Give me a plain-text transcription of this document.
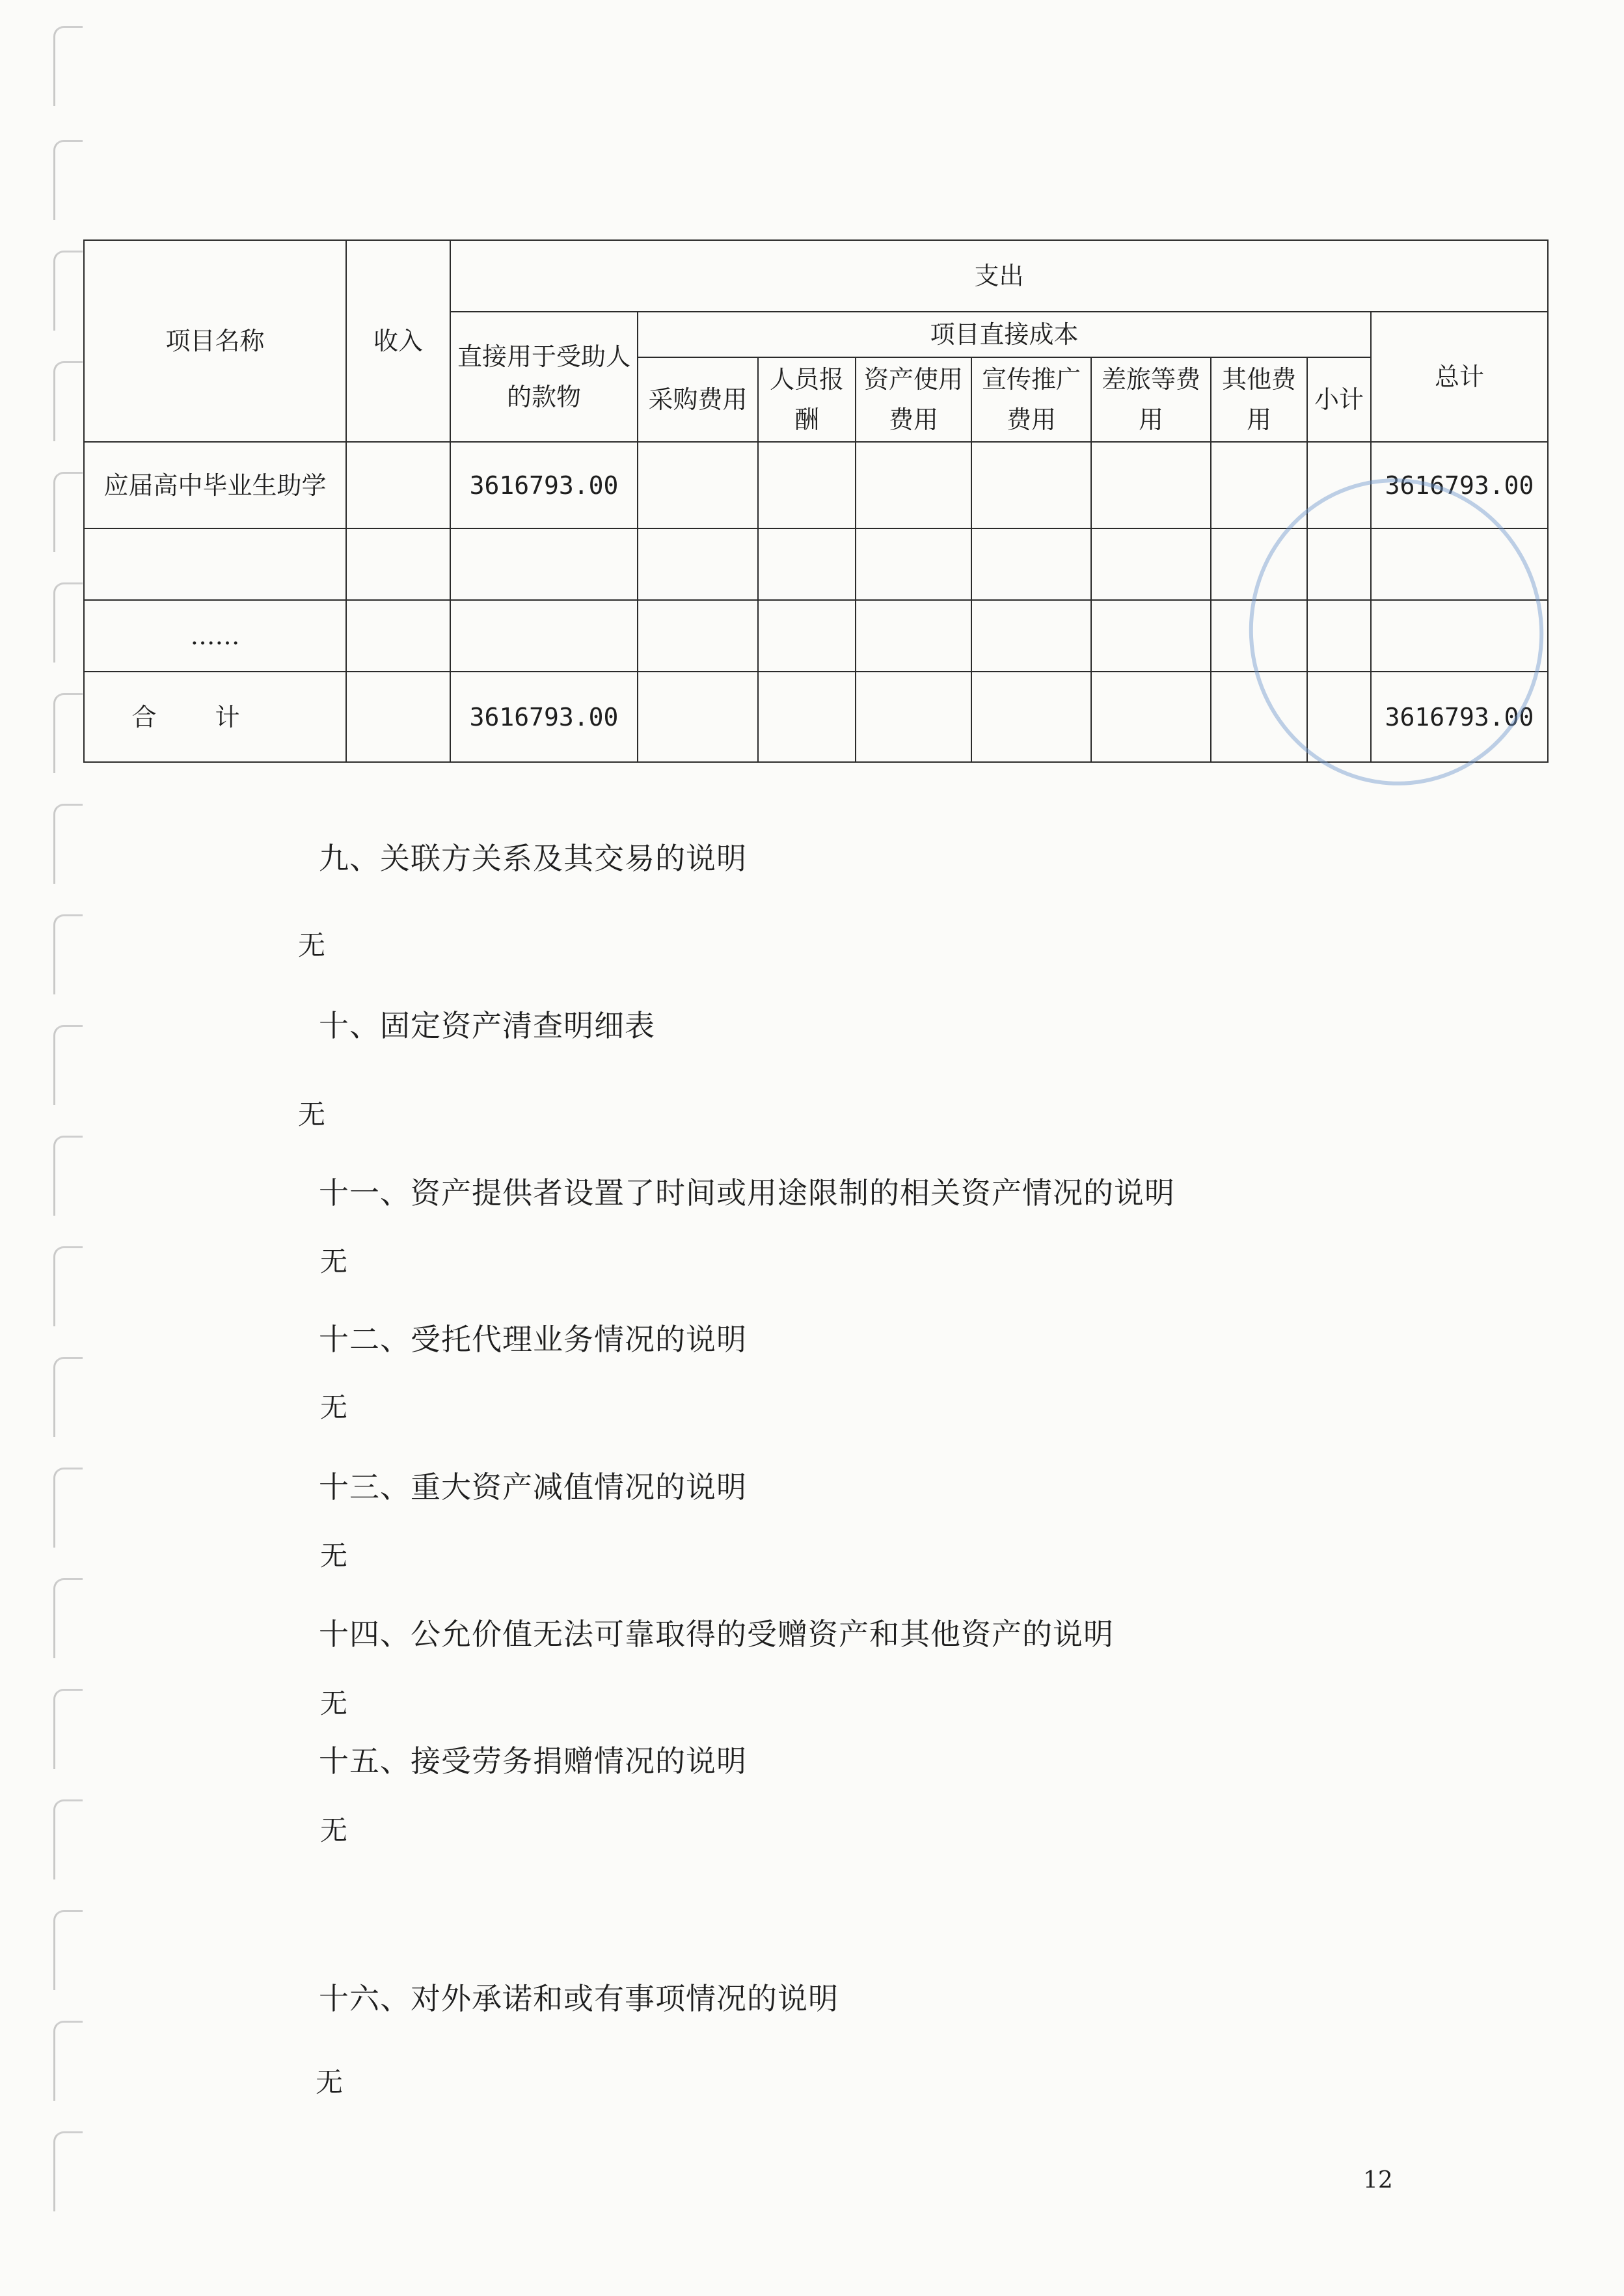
项目名称	收入	支出								
		直接用于受助人的款物	项目直接成本							总计
			采购费用	人员报酬	资产使用费用	宣传推广费用	差旅等费用	其他费用	小计	
应届高中毕业生助学		3616793.00								3616793.00

……										
合计		3616793.00								3616793.00
九、关联方关系及其交易的说明
无
十、固定资产清查明细表
无
十一、资产提供者设置了时间或用途限制的相关资产情况的说明
无
十二、受托代理业务情况的说明
无
十三、重大资产减值情况的说明
无
十四、公允价值无法可靠取得的受赠资产和其他资产的说明
无
十五、接受劳务捐赠情况的说明
无
十六、对外承诺和或有事项情况的说明
无
12
